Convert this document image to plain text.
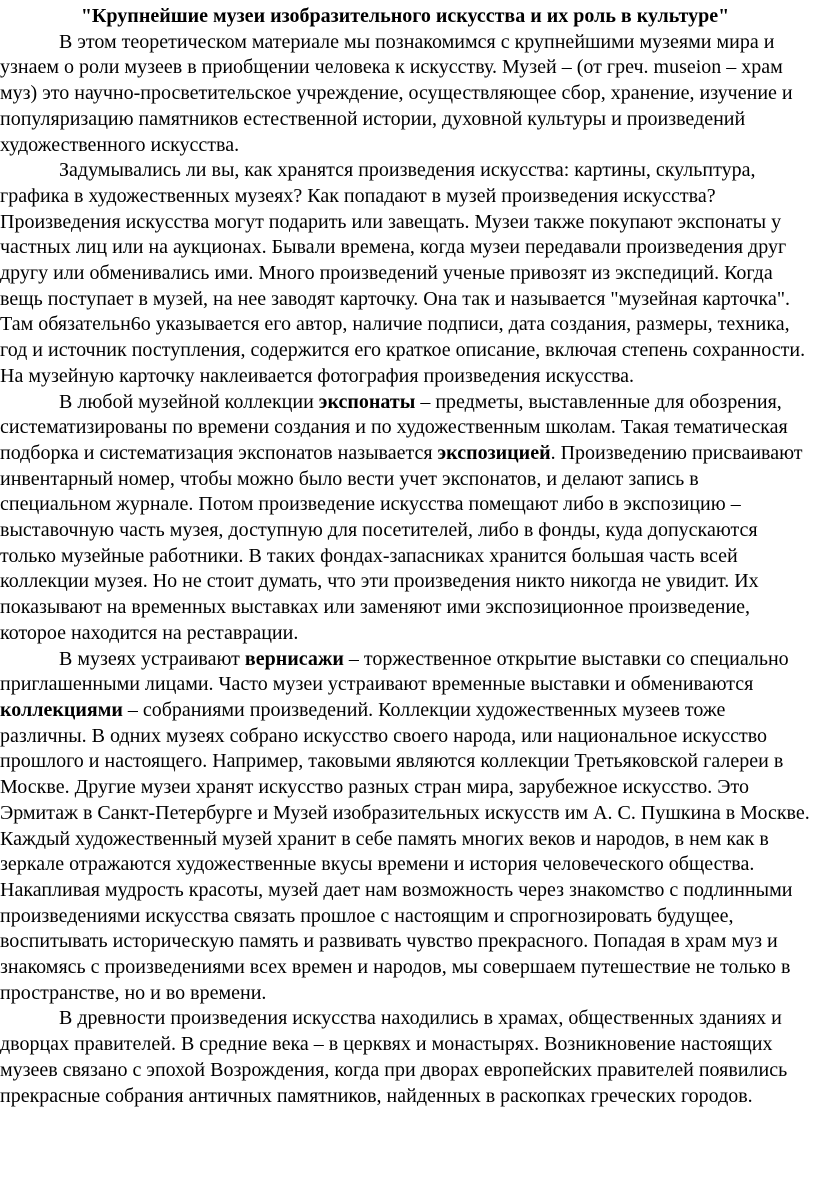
"Крупнейшие музеи изобразительного искусства и их роль в культуре"

В этом теоретическом материале мы познакомимся с крупнейшими музеями мира и узнаем о роли музеев в приобщении человека к искусству. Музей – (от греч. museion – храм муз) это научно-просветительское учреждение, осуществляющее сбор, хранение, изучение и популяризацию памятников естественной истории, духовной культуры и произведений художественного искусства.

Задумывались ли вы, как хранятся произведения искусства: картины, скульптура, графика в художественных музеях? Как попадают в музей произведения искусства? Произведения искусства могут подарить или завещать. Музеи также покупают экспонаты у частных лиц или на аукционах. Бывали времена, когда музеи передавали произведения друг другу или обменивались ими. Много произведений ученые привозят из экспедиций. Когда вещь поступает в музей, на нее заводят карточку. Она так и называется "музейная карточка". Там обязательн6о указывается его автор, наличие подписи, дата создания, размеры, техника, год и источник поступления, содержится его краткое описание, включая степень сохранности. На музейную карточку наклеивается фотография произведения искусства.

В любой музейной коллекции экспонаты – предметы, выставленные для обозрения, систематизированы по времени создания и по художественным школам. Такая тематическая подборка и систематизация экспонатов называется экспозицией. Произведению присваивают инвентарный номер, чтобы можно было вести учет экспонатов, и делают запись в специальном журнале. Потом произведение искусства помещают либо в экспозицию – выставочную часть музея, доступную для посетителей, либо в фонды, куда допускаются только музейные работники. В таких фондах-запасниках хранится большая часть всей коллекции музея. Но не стоит думать, что эти произведения никто никогда не увидит. Их показывают на временных выставках или заменяют ими экспозиционное произведение, которое находится на реставрации.

В музеях устраивают вернисажи – торжественное открытие выставки со специально приглашенными лицами. Часто музеи устраивают временные выставки и обмениваются коллекциями – собраниями произведений. Коллекции художественных музеев тоже различны. В одних музеях собрано искусство своего народа, или национальное искусство прошлого и настоящего. Например, таковыми являются коллекции Третьяковской галереи в Москве. Другие музеи хранят искусство разных стран мира, зарубежное искусство. Это Эрмитаж в Санкт-Петербурге и Музей изобразительных искусств им А. С. Пушкина в Москве. Каждый художественный музей хранит в себе память многих веков и народов, в нем как в зеркале отражаются художественные вкусы времени и история человеческого общества. Накапливая мудрость красоты, музей дает нам возможность через знакомство с подлинными произведениями искусства связать прошлое с настоящим и спрогнозировать будущее, воспитывать историческую память и развивать чувство прекрасного. Попадая в храм муз и знакомясь с произведениями всех времен и народов, мы совершаем путешествие не только в пространстве, но и во времени.

В древности произведения искусства находились в храмах, общественных зданиях и дворцах правителей. В средние века – в церквях и монастырях. Возникновение настоящих музеев связано с эпохой Возрождения, когда при дворах европейских правителей появились прекрасные собрания античных памятников, найденных в раскопках греческих городов.
